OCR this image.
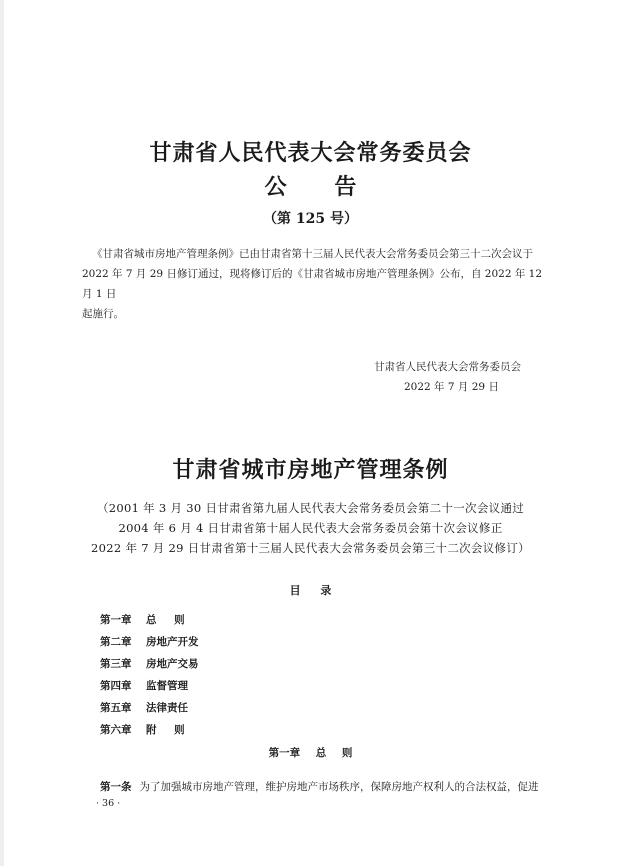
甘肃省人民代表大会常务委员会
公 告
（第 125 号）

《甘肃省城市房地产管理条例》已由甘肃省第十三届人民代表大会常务委员会第三十二次会议于

2022 年 7 月 29 日修订通过，现将修订后的《甘肃省城市房地产管理条例》公布，自 2022 年 12 月 1 日

起施行。

甘肃省人民代表大会常务委员会
2022 年 7 月 29 日
甘肃省城市房地产管理条例
（2001 年 3 月 30 日甘肃省第九届人民代表大会常务委员会第二十一次会议通过
2004 年 6 月 4 日甘肃省第十届人民代表大会常务委员会第十次会议修正
2022 年 7 月 29 日甘肃省第十三届人民代表大会常务委员会第三十二次会议修订）
目 录
第一章 总 则
第二章 房地产开发
第三章 房地产交易
第四章 监督管理
第五章 法律责任
第六章 附 则
第一章 总 则
第一条 为了加强城市房地产管理，维护房地产市场秩序，保障房地产权利人的合法权益，促进
· 36 ·
